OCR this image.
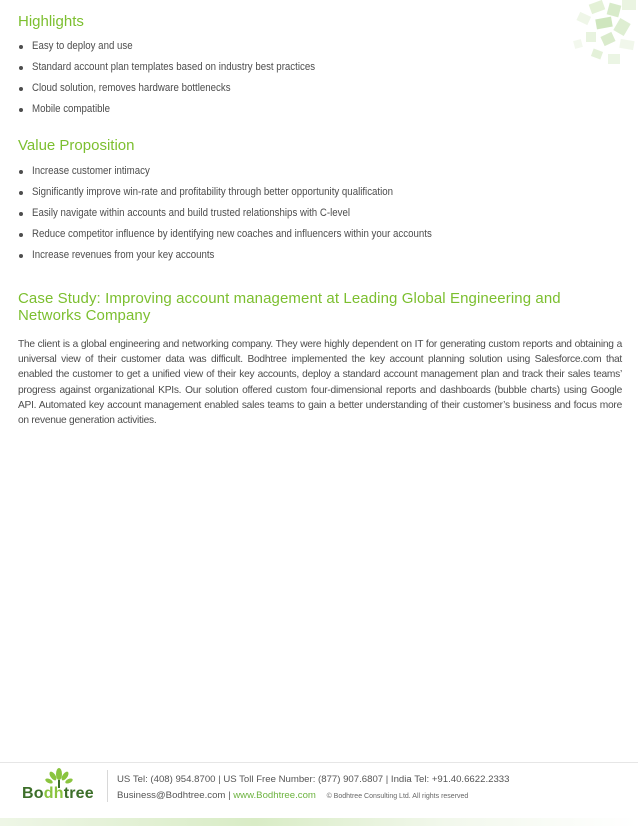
Highlights
Easy to deploy and use
Standard account plan templates based on industry best practices
Cloud solution, removes hardware bottlenecks
Mobile compatible
Value Proposition
Increase customer intimacy
Significantly improve win-rate and profitability through better opportunity qualification
Easily navigate within accounts and build trusted relationships with C-level
Reduce competitor influence by identifying new coaches and influencers within your accounts
Increase revenues from your key accounts
Case Study: Improving account management at Leading Global Engineering and Networks Company

The client is a global engineering and networking company. They were highly dependent on IT for generating custom reports and obtaining a universal view of their customer data was difficult. Bodhtree implemented the key account planning solution using Salesforce.com that enabled the customer to get a unified view of their key accounts, deploy a standard account management plan and track their sales teams’ progress against organizational KPIs. Our solution offered custom four-dimensional reports and dashboards (bubble charts) using Google API. Automated key account management enabled sales teams to gain a better understanding of their customer’s business and focus more on revenue generation activities.

Bodhtree
US Tel: (408) 954.8700 | US Toll Free Number: (877) 907.6807 | India Tel: +91.40.6622.2333
Business@Bodhtree.com | www.Bodhtree.com © Bodhtree Consulting Ltd. All rights reserved
